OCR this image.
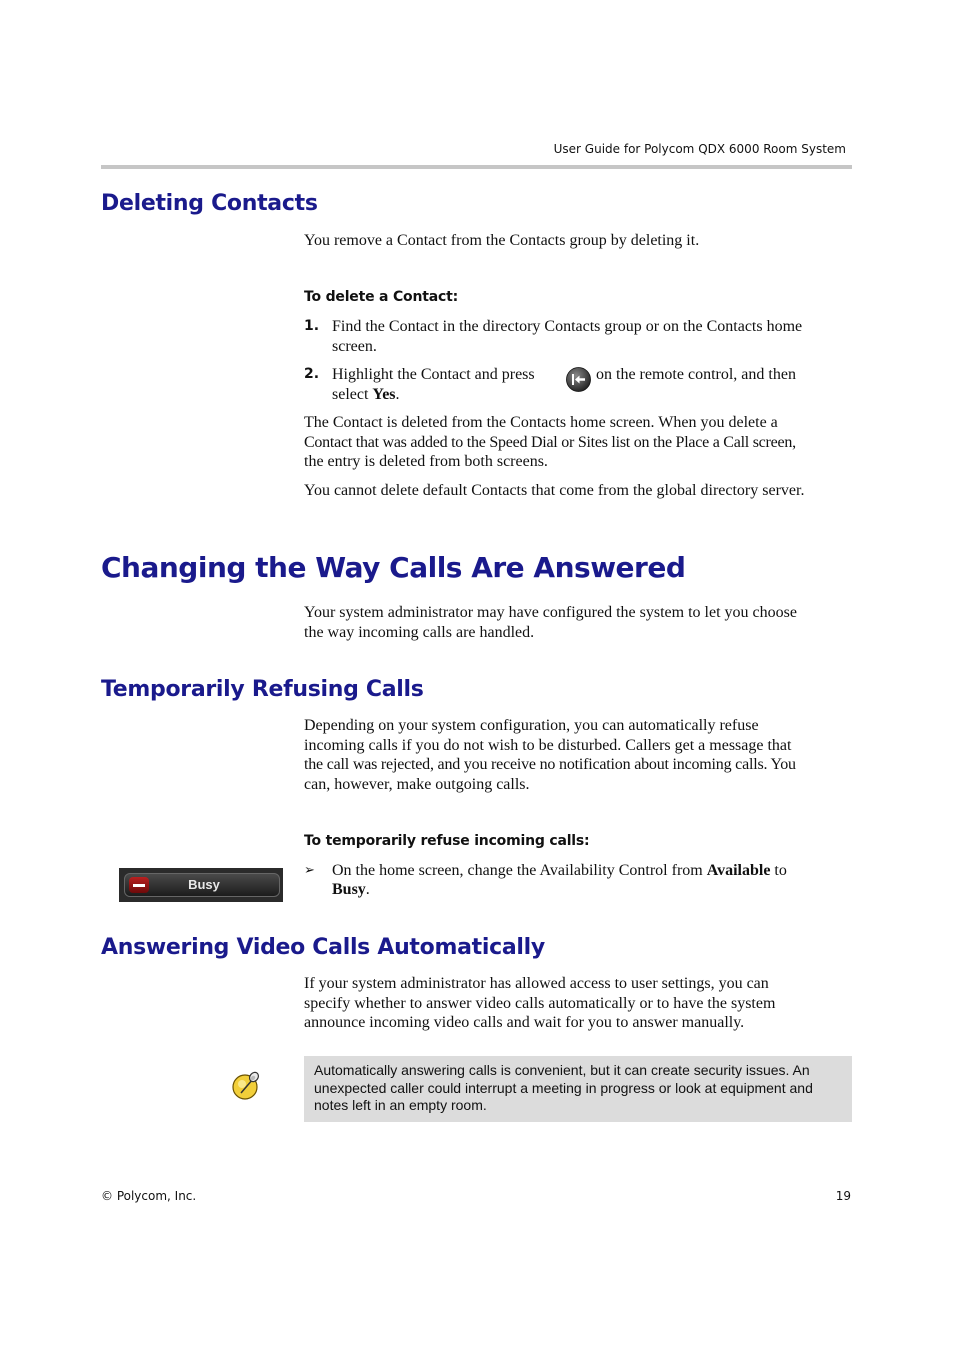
User Guide for Polycom QDX 6000 Room System
Deleting Contacts
You remove a Contact from the Contacts group by deleting it.
To delete a Contact:
1. Find the Contact in the directory Contacts group or on the Contacts home
screen.
2. Highlight the Contact and press	on the remote control, and then
select Yes.
The Contact is deleted from the Contacts home screen. When you delete a
Contact that was added to the Speed Dial or Sites list on the Place a Call screen,
the entry is deleted from both screens.
You cannot delete default Contacts that come from the global directory server.
Changing the Way Calls Are Answered
Your system administrator may have configured the system to let you choose
the way incoming calls are handled.
Temporarily Refusing Calls
Depending on your system configuration, you can automatically refuse
incoming calls if you do not wish to be disturbed. Callers get a message that
the call was rejected, and you receive no notification about incoming calls. You
can, however, make outgoing calls.
To temporarily refuse incoming calls:
Busy
➢ On the home screen, change the Availability Control from Available to
Busy.
Answering Video Calls Automatically
If your system administrator has allowed access to user settings, you can
specify whether to answer video calls automatically or to have the system
announce incoming video calls and wait for you to answer manually.
Automatically answering calls is convenient, but it can create security issues. An
unexpected caller could interrupt a meeting in progress or look at equipment and
notes left in an empty room.
© Polycom, Inc.	19
